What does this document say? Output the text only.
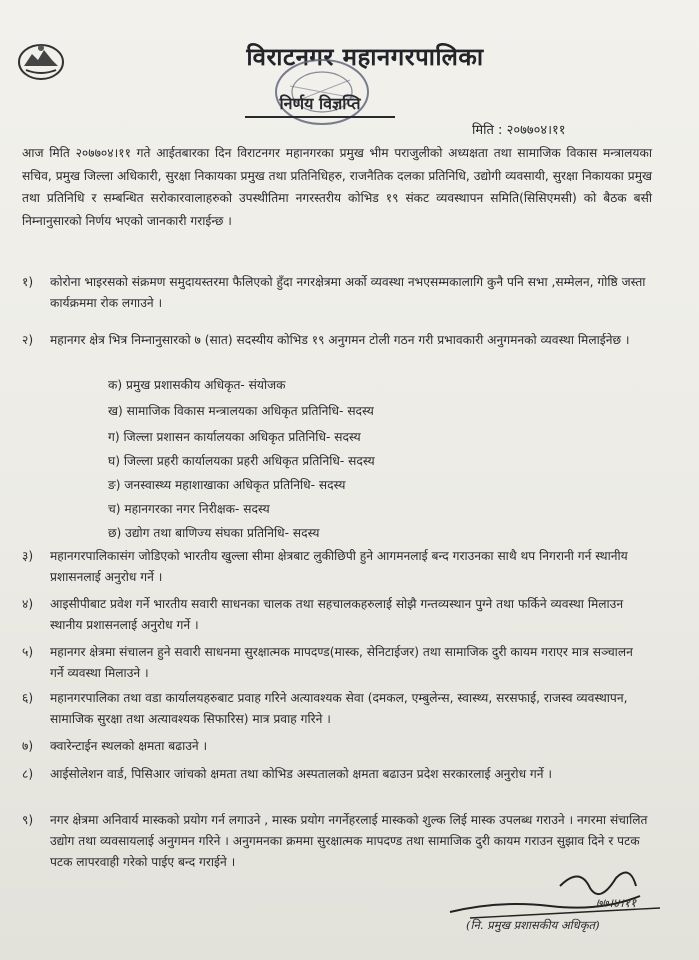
विराटनगर महानगरपालिका
निर्णय विज्ञप्ति
मिति : २०७७०४।११
आज मिति २०७७०४।११ गते आईतबारका दिन विराटनगर महानगरका प्रमुख भीम पराजुलीको अध्यक्षता तथा सामाजिक विकास मन्त्रालयका सचिव, प्रमुख जिल्ला अधिकारी, सुरक्षा निकायका प्रमुख तथा प्रतिनिधिहरु, राजनैतिक दलका प्रतिनिधि, उद्योगी व्यवसायी, सुरक्षा निकायका प्रमुख तथा प्रतिनिधि र सम्बन्धित सरोकारवालाहरुको उपस्थीतिमा नगरस्तरीय कोभिड १९ संकट व्यवस्थापन समिति(सिसिएमसी) को बैठक बसी निम्नानुसारको निर्णय भएको जानकारी गराईन्छ ।
१)	कोरोना भाइरसको संक्रमण समुदायस्तरमा फैलिएको हुँदा नगरक्षेत्रमा अर्को व्यवस्था नभएसम्मकालागि कुनै पनि सभा ,सम्मेलन, गोष्ठि जस्ता कार्यक्रममा रोक लगाउने ।
२)	महानगर क्षेत्र भित्र निम्नानुसारको ७ (सात) सदस्यीय कोभिड १९ अनुगमन टोली गठन गरी प्रभावकारी अनुगमनको व्यवस्था मिलाईनेछ ।
क) प्रमुख प्रशासकीय अधिकृत- संयोजक
ख) सामाजिक विकास मन्त्रालयका अधिकृत प्रतिनिधि- सदस्य
ग) जिल्ला प्रशासन कार्यालयका अधिकृत प्रतिनिधि- सदस्य
घ) जिल्ला प्रहरी कार्यालयका प्रहरी अधिकृत प्रतिनिधि- सदस्य
ङ) जनस्वास्थ्य महाशाखाका अधिकृत प्रतिनिधि- सदस्य
च) महानगरका नगर निरीक्षक- सदस्य
छ) उद्योग तथा बाणिज्य संघका प्रतिनिधि- सदस्य
३)	महानगरपालिकासंग जोडिएको भारतीय खुल्ला सीमा क्षेत्रबाट लुकीछिपी हुने आगमनलाई बन्द गराउनका साथै थप निगरानी गर्न स्थानीय प्रशासनलाई अनुरोध गर्ने ।
४)	आइसीपीबाट प्रवेश गर्ने भारतीय सवारी साधनका चालक तथा सहचालकहरुलाई सोझै गन्तव्यस्थान पुग्ने तथा फर्किने व्यवस्था मिलाउन स्थानीय प्रशासनलाई अनुरोध गर्ने ।
५)	महानगर क्षेत्रमा संचालन हुने सवारी साधनमा सुरक्षात्मक मापदण्ड(मास्क, सेनिटाईजर) तथा सामाजिक दुरी कायम गराएर मात्र सञ्चालन गर्ने व्यवस्था मिलाउने ।
६)	महानगरपालिका तथा वडा कार्यालयहरुबाट प्रवाह गरिने अत्यावश्यक सेवा (दमकल, एम्बुलेन्स, स्वास्थ्य, सरसफाई, राजस्व व्यवस्थापन, सामाजिक सुरक्षा तथा अत्यावश्यक सिफारिस) मात्र प्रवाह गरिने ।
७)	क्वारेन्टाईन स्थलको क्षमता बढाउने ।
८)	आईसोलेशन वार्ड, पिसिआर जांचको क्षमता तथा कोभिड अस्पतालको क्षमता बढाउन प्रदेश सरकारलाई अनुरोध गर्ने ।
९)	नगर क्षेत्रमा अनिवार्य मास्कको प्रयोग गर्न लगाउने , मास्क प्रयोग नगर्नेहरलाई मास्कको शुल्क लिई मास्क उपलब्ध गराउने । नगरमा संचालित उद्योग तथा व्यवसायलाई अनुगमन गरिने । अनुगमनका क्रममा सुरक्षात्मक मापदण्ड तथा सामाजिक दुरी कायम गराउन सुझाव दिने र पटक पटक लापरवाही गरेको पाईए बन्द गराईने ।
(नि. प्रमुख प्रशासकीय अधिकृत)
७७।४।११
